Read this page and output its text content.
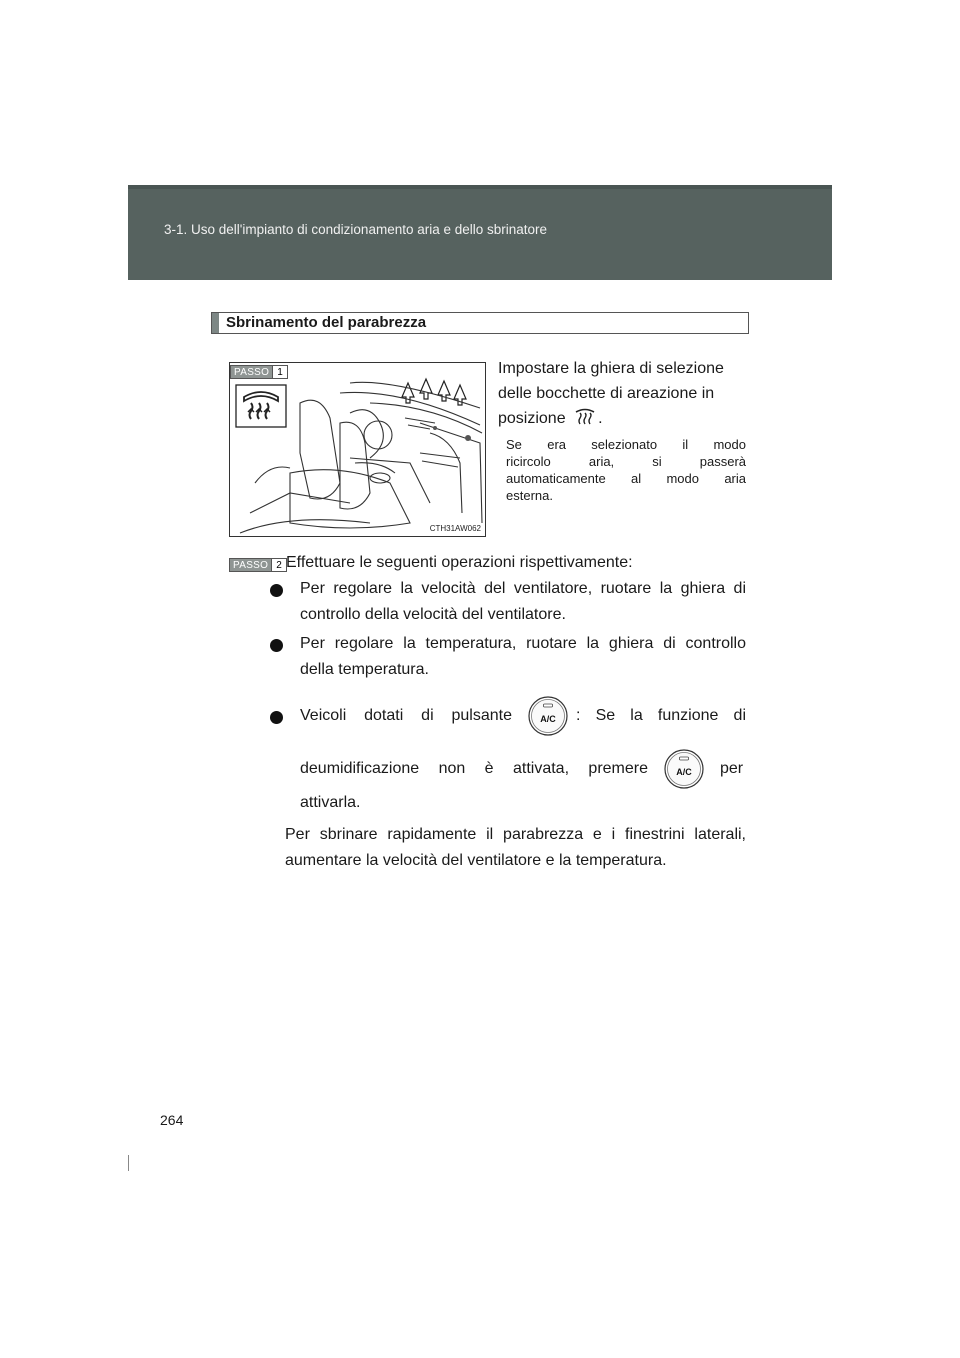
3-1. Uso dell'impianto di condizionamento aria e dello sbrinatore
Sbrinamento del parabrezza
PASSO 1
CTH31AW062
Impostare la ghiera di selezione
delle bocchette di areazione in
posizione .
Se era selezionato il modo
ricircolo aria, si passerà
automaticamente al modo aria
esterna.
PASSO 2 Effettuare le seguenti operazioni rispettivamente:
Per regolare la velocità del ventilatore, ruotare la ghiera di
controllo della velocità del ventilatore.
Per regolare la temperatura, ruotare la ghiera di controllo
della temperatura.
Veicoli dotati di pulsante	A/C : Se la funzione di
deumidificazione non è attivata, premere	A/C per
attivarla.
Per sbrinare rapidamente il parabrezza e i finestrini laterali,
aumentare la velocità del ventilatore e la temperatura.
264
